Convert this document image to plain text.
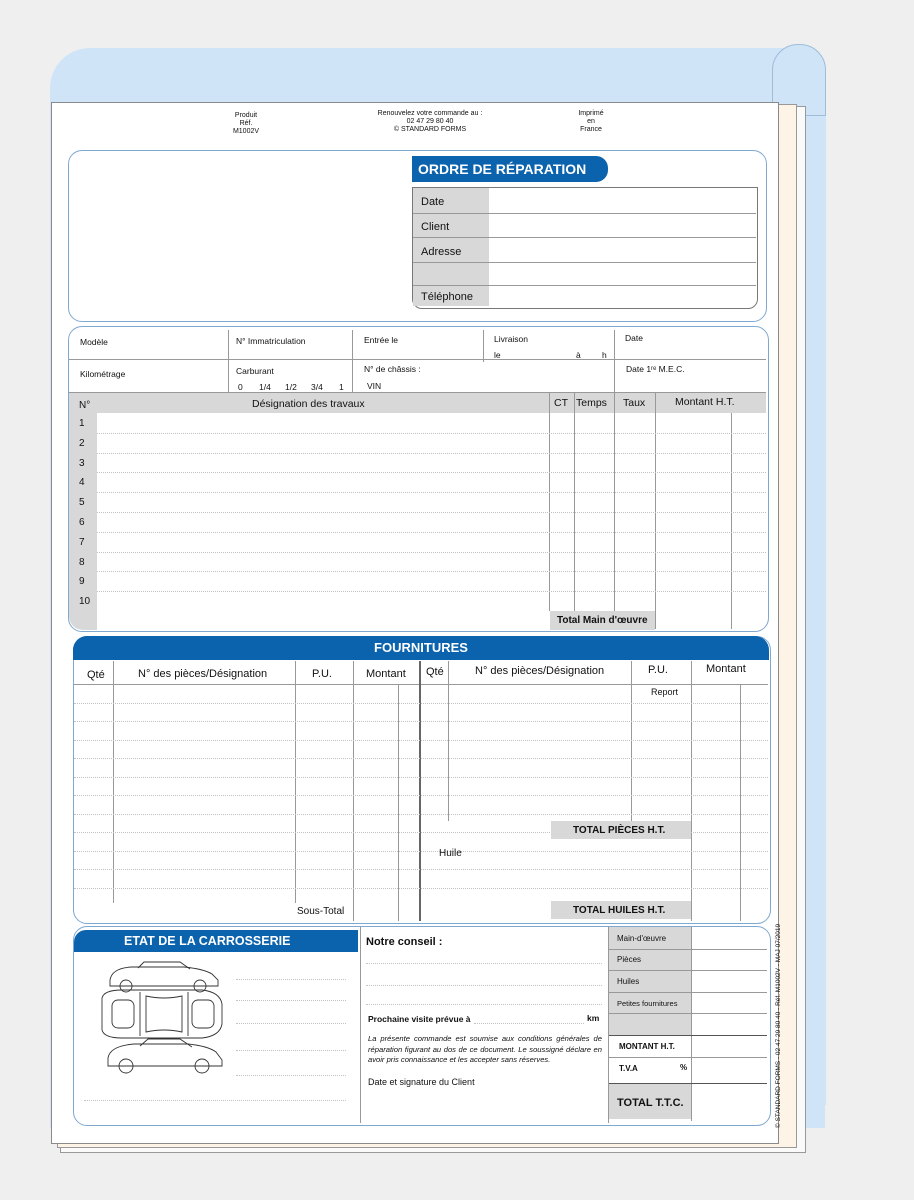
Produit
Réf.
M1002V
Renouvelez votre commande au :
02 47 29 80 40
© STANDARD FORMS
Imprimé
en
France
ORDRE DE RÉPARATION
Date
Client
Adresse
Téléphone
Modèle	N° Immatriculation	Entrée le	Livraison
le	à	h
Date
Kilométrage	Carburant
0 1/4 1/2 3/4 1
N° de châssis :
VIN
Date 1ʳᵉ M.E.C.
N°	Désignation des travaux	CT Temps Taux	Montant H.T.
1
2
3
4
5
6
7
8
9
10
Total Main d'œuvre
FOURNITURES
Qté	N° des pièces/Désignation	P.U.	Montant Qté	N° des pièces/Désignation	P.U.	Montant
Report
TOTAL PIÈCES H.T.
Huile
Sous-Total	TOTAL HUILES H.T.
ETAT DE LA CARROSSERIE	Notre conseil :
Prochaine visite prévue à	km
La présente commande est soumise aux conditions générales de réparation figurant au dos de ce document. Le soussigné déclare en avoir pris connaissance et les accepter sans réserves.
Date et signature du Client
Main-d'œuvre
Pièces
Huiles
Petites fournitures
MONTANT H.T.
T.V.A	%
TOTAL T.T.C.	© STANDARD FORMS - 02 47 29 80 40 - Réf. M1002V - MAJ 07/2019
